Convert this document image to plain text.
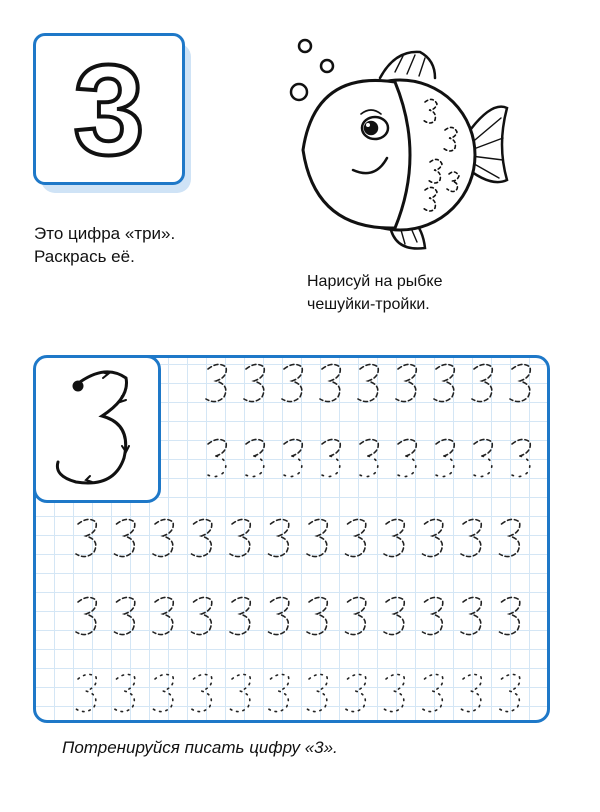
3
Это цифра «три».
Раскрась её.
Нарисуй на рыбке
чешуйки-тройки.
Потренируйся писать цифру «3».
